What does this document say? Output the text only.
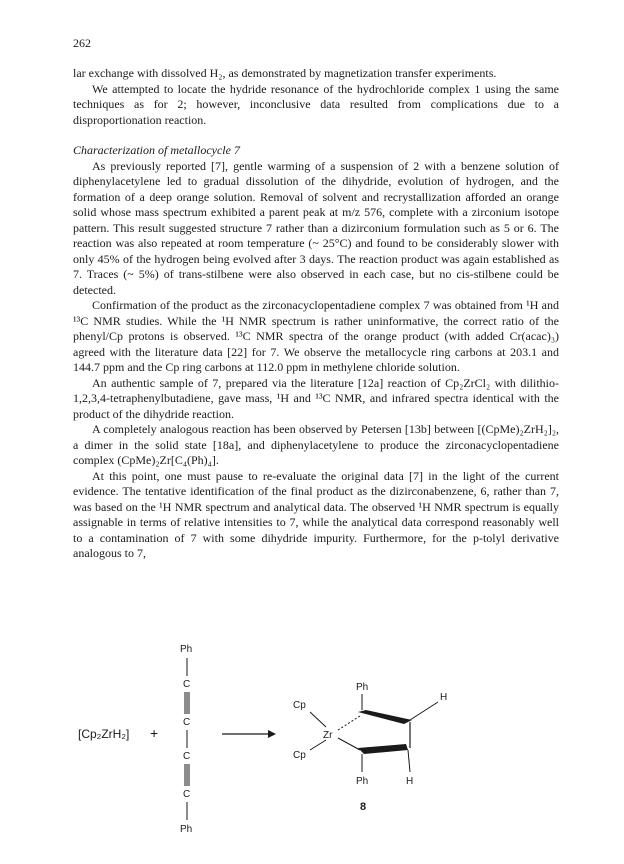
262

lar exchange with dissolved H₂, as demonstrated by magnetization transfer experiments.

We attempted to locate the hydride resonance of the hydrochloride complex 1 using the same techniques as for 2; however, inconclusive data resulted from complications due to a disproportionation reaction.

Characterization of metallocycle 7

As previously reported [7], gentle warming of a suspension of 2 with a benzene solution of diphenylacetylene led to gradual dissolution of the dihydride, evolution of hydrogen, and the formation of a deep orange solution. Removal of solvent and recrystallization afforded an orange solid whose mass spectrum exhibited a parent peak at m/z 576, complete with a zirconium isotope pattern. This result suggested structure 7 rather than a dizirconium formulation such as 5 or 6. The reaction was also repeated at room temperature (~ 25°C) and found to be considerably slower with only 45% of the hydrogen being evolved after 3 days. The reaction product was again established as 7. Traces (~ 5%) of trans-stilbene were also observed in each case, but no cis-stilbene could be detected.

Confirmation of the product as the zirconacyclopentadiene complex 7 was obtained from ¹H and ¹³C NMR studies. While the ¹H NMR spectrum is rather uninformative, the correct ratio of the phenyl/Cp protons is observed. ¹³C NMR spectra of the orange product (with added Cr(acac)₃) agreed with the literature data [22] for 7. We observe the metallocycle ring carbons at 203.1 and 144.7 ppm and the Cp ring carbons at 112.0 ppm in methylene chloride solution.

An authentic sample of 7, prepared via the literature [12a] reaction of Cp₂ZrCl₂ with dilithio-1,2,3,4-tetraphenylbutadiene, gave mass, ¹H and ¹³C NMR, and infrared spectra identical with the product of the dihydride reaction.

A completely analogous reaction has been observed by Petersen [13b] between [(CpMe)₂ZrH₂]₂, a dimer in the solid state [18a], and diphenylacetylene to produce the zirconacyclopentadiene complex (CpMe)₂Zr[C₄(Ph)₄].

At this point, one must pause to re-evaluate the original data [7] in the light of the current evidence. The tentative identification of the final product as the dizirconabenzene, 6, rather than 7, was based on the ¹H NMR spectrum and analytical data. The observed ¹H NMR spectrum is equally assignable in terms of relative intensities to 7, while the analytical data correspond reasonably well to a contamination of 7 with some dihydride impurity. Furthermore, for the p-tolyl derivative analogous to 7,

[Cp₂ZrH₂] +
Ph
C
C
C
C
Ph
Cp
Cp
Zr
Ph
H
Ph	H
8
